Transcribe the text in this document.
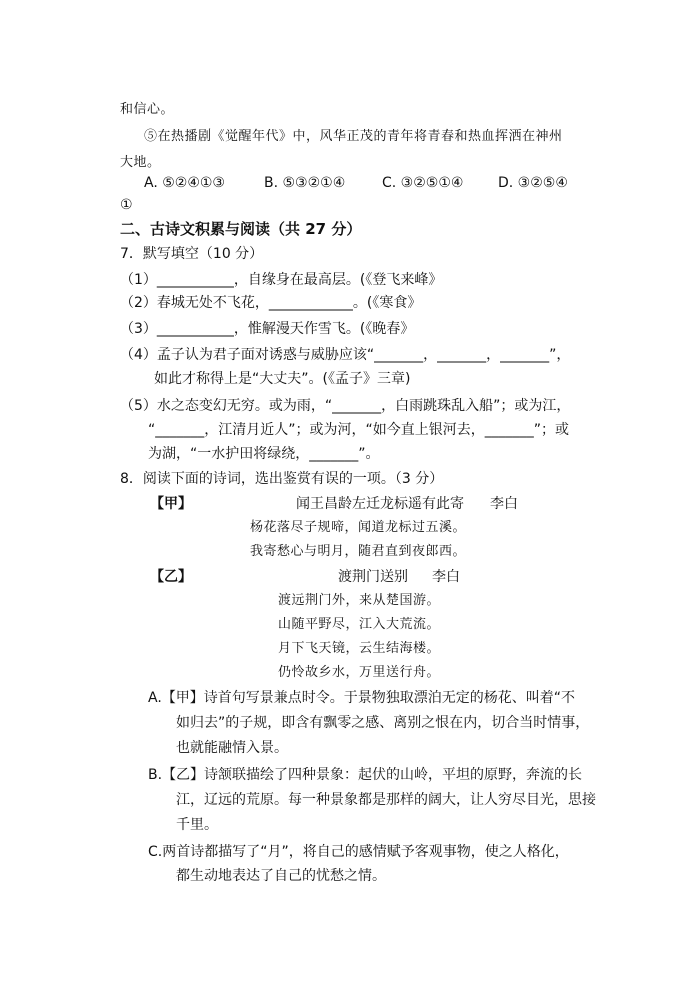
和信心。
⑤在热播剧《觉醒年代》中，风华正茂的青年将青春和热血挥洒在神州
大地。
A. ⑤②④①③	B. ⑤③②①④	C. ③②⑤①④ D. ③②⑤④
①
二、古诗文积累与阅读（共 27 分）
7．默写填空（10 分）
（1）___________，自缘身在最高层。(《登飞来峰》
（2）春城无处不飞花，____________。(《寒食》
（3）___________，惟解漫天作雪飞。(《晚春》
（4）孟子认为君子面对诱惑与威胁应该“_______，_______，_______”，
如此才称得上是“大丈夫”。(《孟子》三章)
（5）水之态变幻无穷。或为雨，“_______，白雨跳珠乱入船”；或为江，
“_______，江清月近人”；或为河，“如今直上银河去，_______”；或
为湖，“一水护田将绿绕，_______”。
8．阅读下面的诗词，选出鉴赏有误的一项。（3 分）
【甲】	闻王昌龄左迁龙标遥有此寄 李白
杨花落尽子规啼，闻道龙标过五溪。
我寄愁心与明月，随君直到夜郎西。
【乙】	渡荆门送别 李白
渡远荆门外，来从楚国游。
山随平野尽，江入大荒流。
月下飞天镜，云生结海楼。
仍怜故乡水，万里送行舟。
A.【甲】诗首句写景兼点时令。于景物独取漂泊无定的杨花、叫着“不
如归去”的子规，即含有飘零之感、离别之恨在内，切合当时情事，
也就能融情入景。
B.【乙】诗颔联描绘了四种景象：起伏的山岭，平坦的原野，奔流的长
江，辽远的荒原。每一种景象都是那样的阔大，让人穷尽目光，思接
千里。
C.两首诗都描写了“月”，将自己的感情赋予客观事物，使之人格化，
都生动地表达了自己的忧愁之情。
